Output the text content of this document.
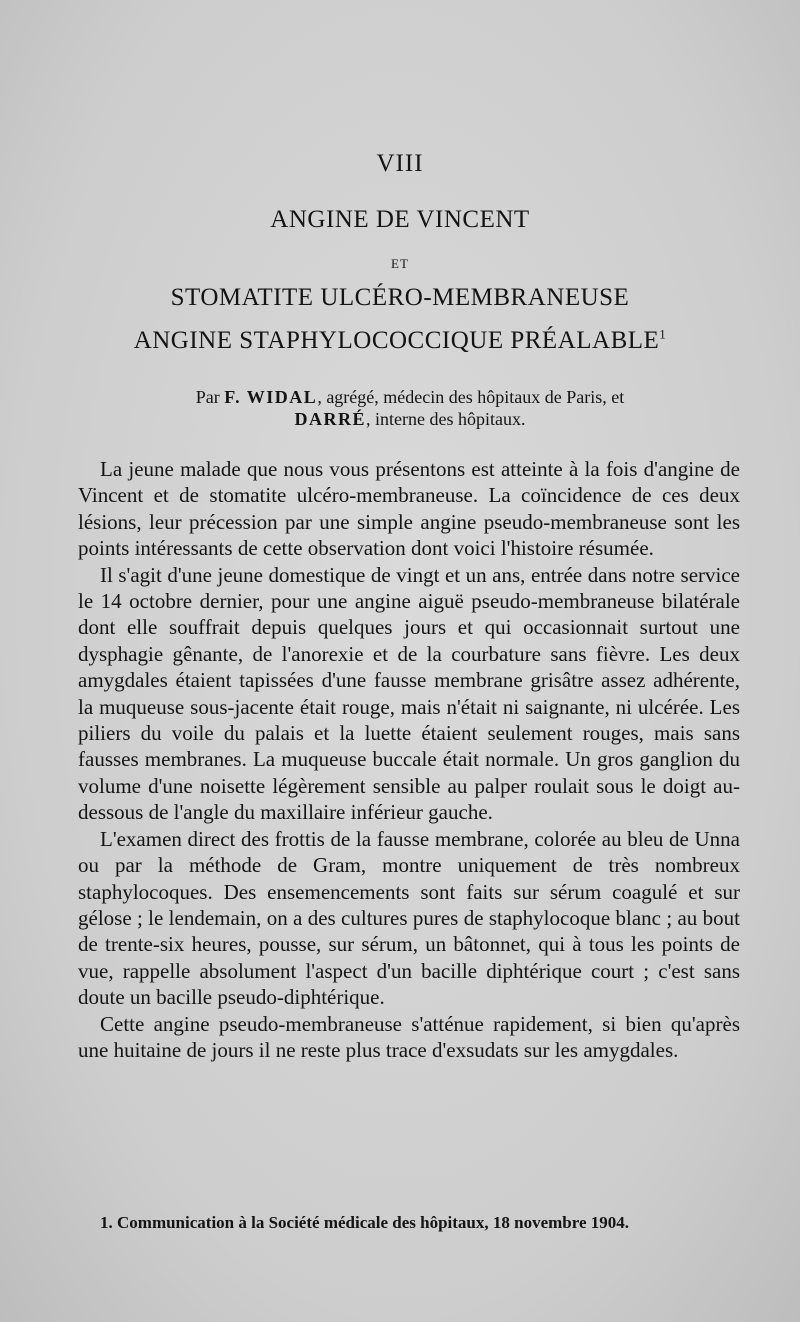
VIII
ANGINE DE VINCENT
ET
STOMATITE ULCÉRO-MEMBRANEUSE
ANGINE STAPHYLOCOCCIQUE PRÉALABLE$^1$
Par F. WIDAL, agrégé, médecin des hôpitaux de Paris, et
DARRÉ, interne des hôpitaux.

La jeune malade que nous vous présentons est atteinte à la fois d'angine de Vincent et de stomatite ulcéro-membraneuse. La coïncidence de ces deux lésions, leur précession par une simple angine pseudo-membraneuse sont les points intéressants de cette observation dont voici l'histoire résumée.

Il s'agit d'une jeune domestique de vingt et un ans, entrée dans notre service le 14 octobre dernier, pour une angine aiguë pseudo-membraneuse bilatérale dont elle souffrait depuis quelques jours et qui occasionnait surtout une dysphagie gênante, de l'anorexie et de la courbature sans fièvre. Les deux amygdales étaient tapissées d'une fausse membrane grisâtre assez adhérente, la muqueuse sous-jacente était rouge, mais n'était ni saignante, ni ulcérée. Les piliers du voile du palais et la luette étaient seulement rouges, mais sans fausses membranes. La muqueuse buccale était normale. Un gros ganglion du volume d'une noisette légèrement sensible au palper roulait sous le doigt au-dessous de l'angle du maxillaire inférieur gauche.

L'examen direct des frottis de la fausse membrane, colorée au bleu de Unna ou par la méthode de Gram, montre uniquement de très nombreux staphylocoques. Des ensemencements sont faits sur sérum coagulé et sur gélose ; le lendemain, on a des cultures pures de staphylocoque blanc ; au bout de trente-six heures, pousse, sur sérum, un bâtonnet, qui à tous les points de vue, rappelle absolument l'aspect d'un bacille diphtérique court ; c'est sans doute un bacille pseudo-diphtérique.

Cette angine pseudo-membraneuse s'atténue rapidement, si bien qu'après une huitaine de jours il ne reste plus trace d'exsudats sur les amygdales.

1. Communication à la Société médicale des hôpitaux, 18 novembre 1904.
